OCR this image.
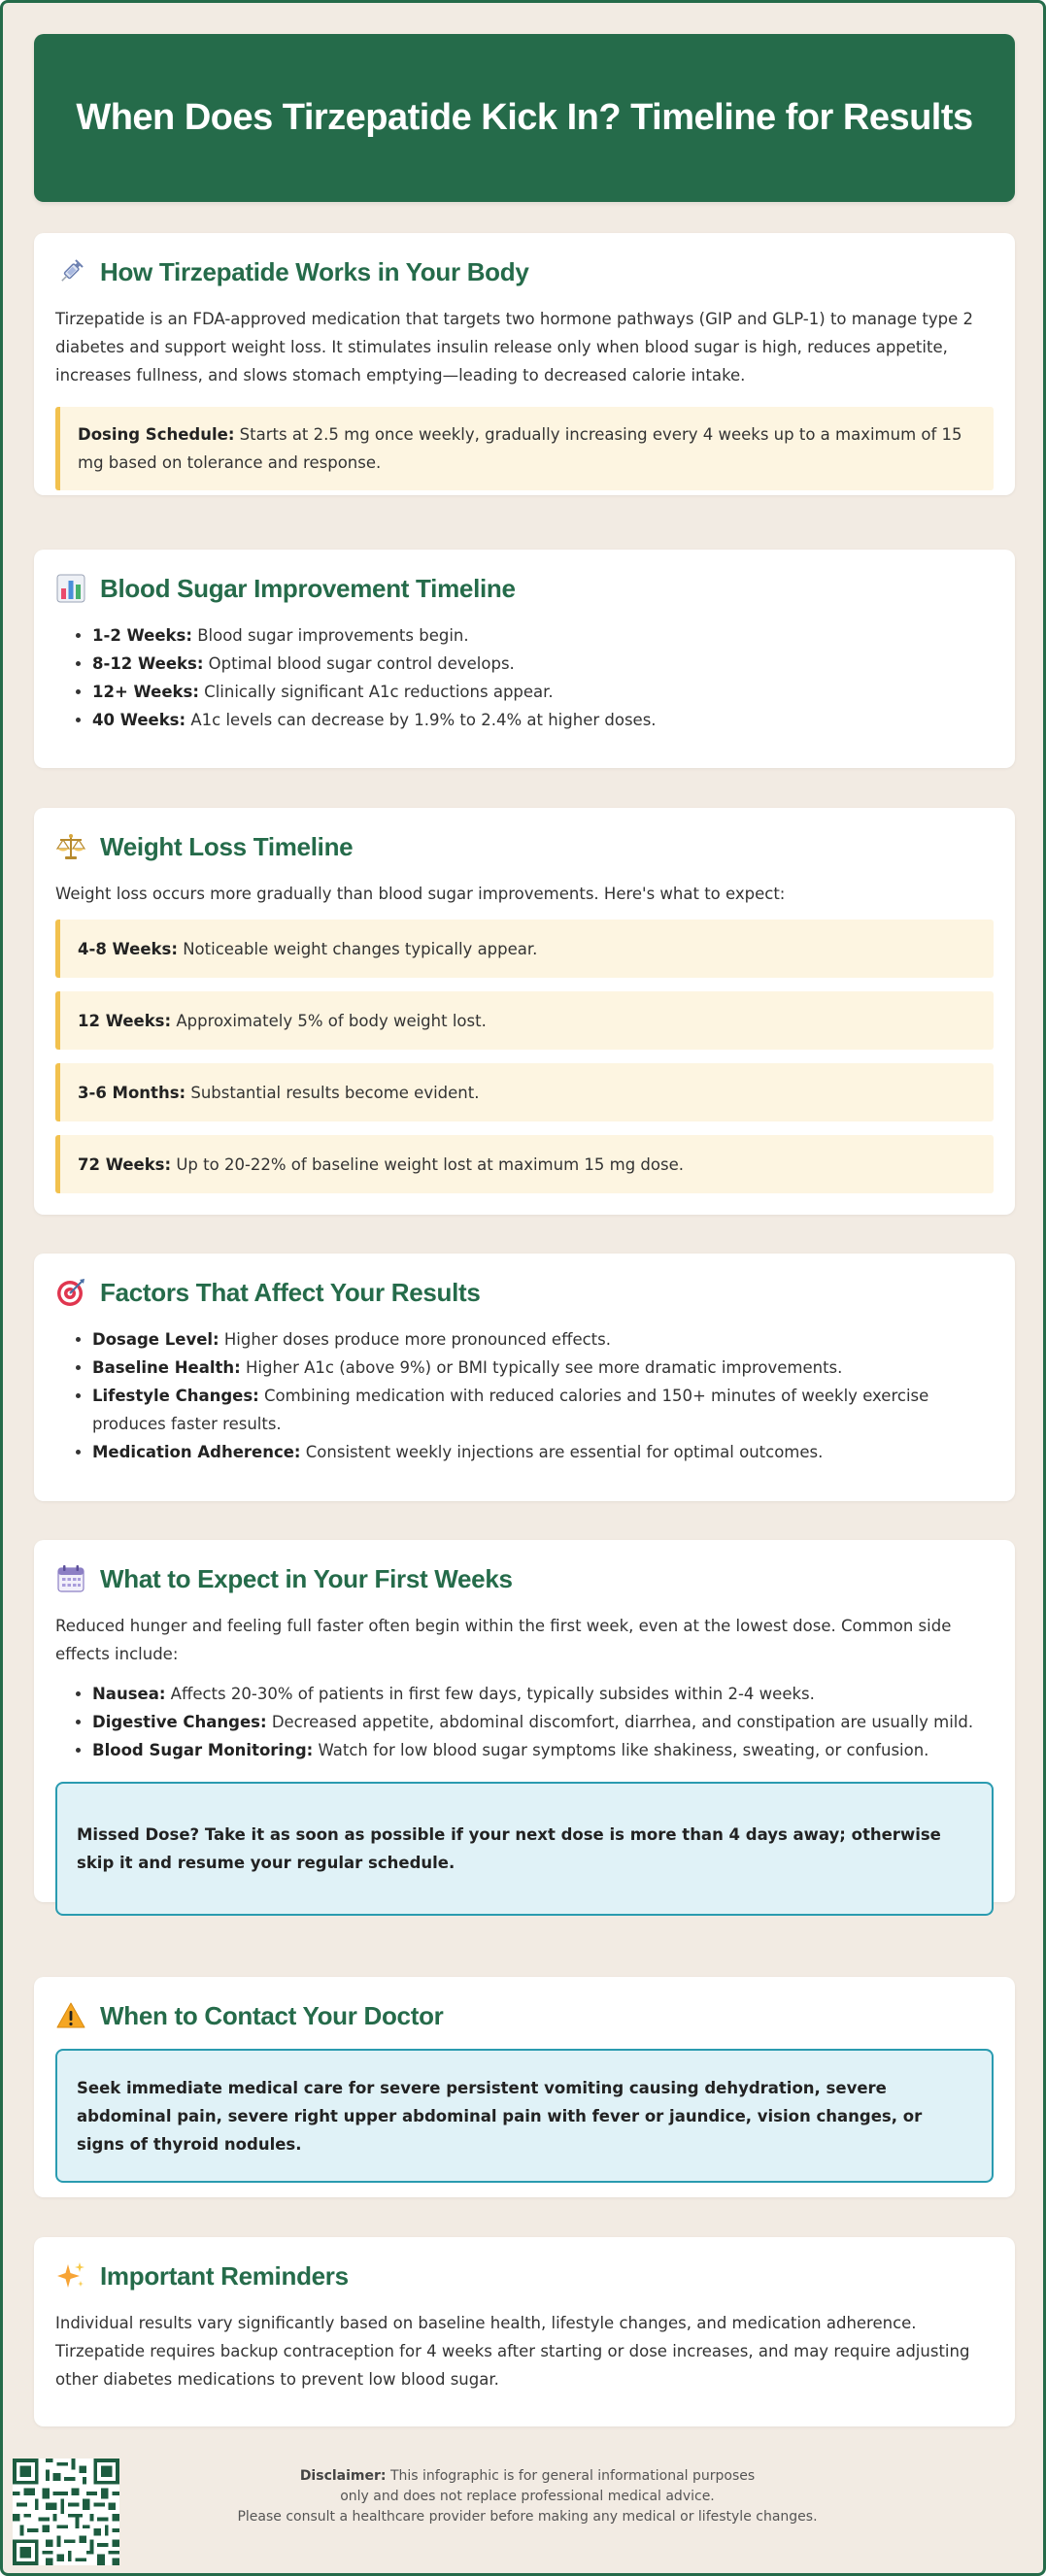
When Does Tirzepatide Kick In? Timeline for Results
How Tirzepatide Works in Your Body

Tirzepatide is an FDA-approved medication that targets two hormone pathways (GIP and GLP-1) to manage type 2 diabetes and support weight loss. It stimulates insulin release only when blood sugar is high, reduces appetite, increases fullness, and slows stomach emptying—leading to decreased calorie intake.

Dosing Schedule: Starts at 2.5 mg once weekly, gradually increasing every 4 weeks up to a maximum of 15 mg based on tolerance and response.
Blood Sugar Improvement Timeline
• 1-2 Weeks: Blood sugar improvements begin.
• 8-12 Weeks: Optimal blood sugar control develops.
• 12+ Weeks: Clinically significant A1c reductions appear.
• 40 Weeks: A1c levels can decrease by 1.9% to 2.4% at higher doses.
Weight Loss Timeline

Weight loss occurs more gradually than blood sugar improvements. Here's what to expect:

4-8 Weeks: Noticeable weight changes typically appear.
12 Weeks: Approximately 5% of body weight lost.
3-6 Months: Substantial results become evident.
72 Weeks: Up to 20-22% of baseline weight lost at maximum 15 mg dose.
Factors That Affect Your Results
• Dosage Level: Higher doses produce more pronounced effects.
• Baseline Health: Higher A1c (above 9%) or BMI typically see more dramatic improvements.
• Lifestyle Changes: Combining medication with reduced calories and 150+ minutes of weekly exercise produces faster results.
• Medication Adherence: Consistent weekly injections are essential for optimal outcomes.
What to Expect in Your First Weeks

Reduced hunger and feeling full faster often begin within the first week, even at the lowest dose. Common side effects include:

• Nausea: Affects 20-30% of patients in first few days, typically subsides within 2-4 weeks.
• Digestive Changes: Decreased appetite, abdominal discomfort, diarrhea, and constipation are usually mild.
• Blood Sugar Monitoring: Watch for low blood sugar symptoms like shakiness, sweating, or confusion.
Missed Dose? Take it as soon as possible if your next dose is more than 4 days away; otherwise skip it and resume your regular schedule.
When to Contact Your Doctor
Seek immediate medical care for severe persistent vomiting causing dehydration, severe abdominal pain, severe right upper abdominal pain with fever or jaundice, vision changes, or signs of thyroid nodules.
Important Reminders

Individual results vary significantly based on baseline health, lifestyle changes, and medication adherence. Tirzepatide requires backup contraception for 4 weeks after starting or dose increases, and may require adjusting other diabetes medications to prevent low blood sugar.

Disclaimer: This infographic is for general informational purposes
only and does not replace professional medical advice.
Please consult a healthcare provider before making any medical or lifestyle changes.
